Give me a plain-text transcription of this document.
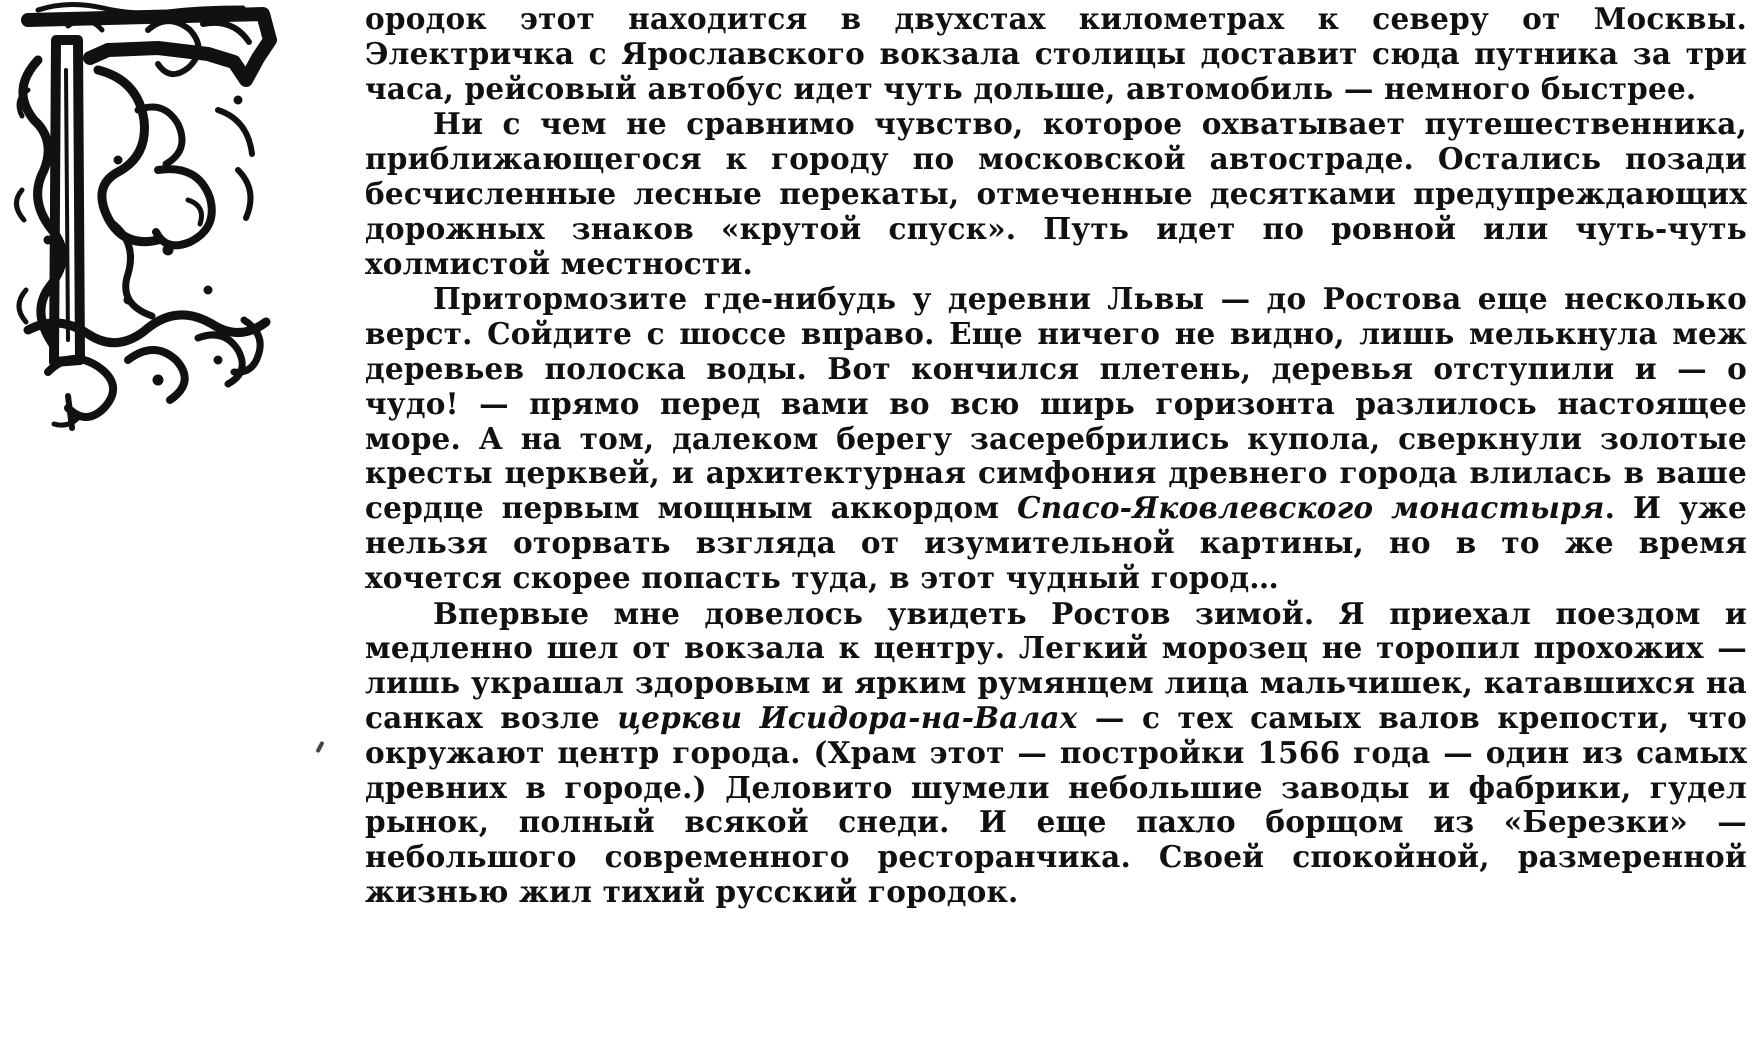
ородок этот находится в двухстах километрах к северу от Москвы. Электричка с Ярославского вокзала столицы доставит сюда путника за три часа, рейсовый автобус идет чуть дольше, автомобиль — немного быстрее.

Ни с чем не сравнимо чувство, которое охватывает путешественника, приближающегося к городу по московской автостраде. Остались позади бесчисленные лесные перекаты, отмеченные десятками предупреждающих дорожных знаков «крутой спуск». Путь идет по ровной или чуть-чуть холмистой местности.

Притормозите где-нибудь у деревни Львы — до Ростова еще несколько верст. Сойдите с шоссе вправо. Еще ничего не видно, лишь мелькнула меж деревьев полоска воды. Вот кончился плетень, деревья отступили и — о чудо! — прямо перед вами во всю ширь горизонта разлилось настоящее море. А на том, далеком берегу засеребрились купола, сверкнули золотые кресты церквей, и архитектурная симфония древнего города влилась в ваше сердце первым мощным аккордом Спасо-Яковлевского монастыря. И уже нельзя оторвать взгляда от изумительной картины, но в то же время хочется скорее попасть туда, в этот чудный город…

Впервые мне довелось увидеть Ростов зимой. Я приехал поездом и медленно шел от вокзала к центру. Легкий морозец не торопил прохожих — лишь украшал здоровым и ярким румянцем лица мальчишек, катавшихся на санках возле церкви Исидора-на-Валах — с тех самых валов крепости, что окружают центр города. (Храм этот — постройки 1566 года — один из самых древних в городе.) Деловито шумели небольшие заводы и фабрики, гудел рынок, полный всякой снеди. И еще пахло борщом из «Березки» — небольшого современного ресторанчика. Своей спокойной, размеренной жизнью жил тихий русский городок.
